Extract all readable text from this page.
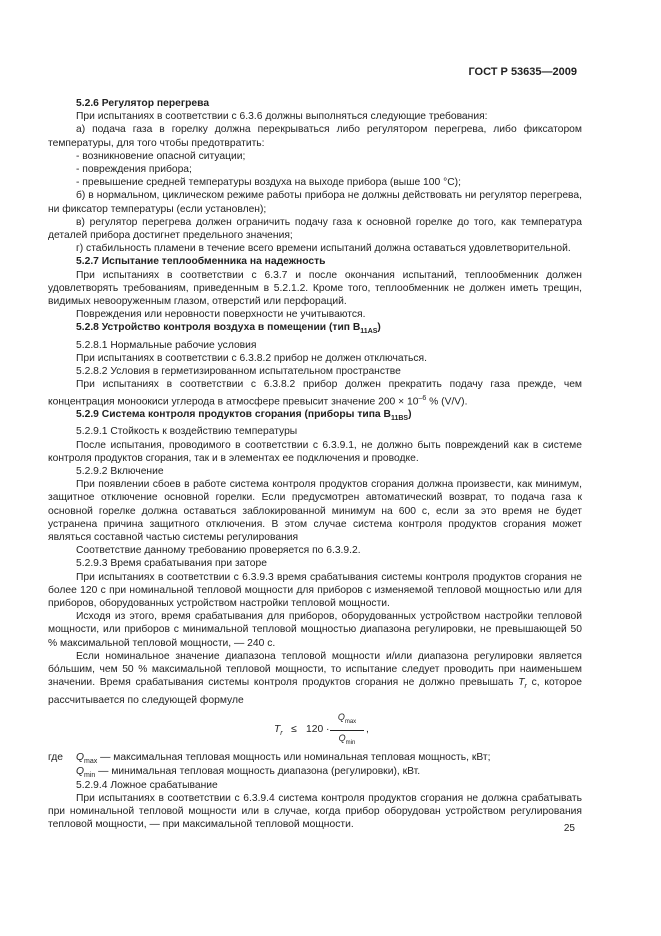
ГОСТ Р 53635—2009

5.2.6 Регулятор перегрева

При испытаниях в соответствии с 6.3.6 должны выполняться следующие требования:

а) подача газа в горелку должна перекрываться либо регулятором перегрева, либо фиксатором температуры, для того чтобы предотвратить:

- возникновение опасной ситуации;

- повреждения прибора;

- превышение средней температуры воздуха на выходе прибора (выше 100 °C);

б) в нормальном, циклическом режиме работы прибора не должны действовать ни регулятор перегрева, ни фиксатор температуры (если установлен);

в) регулятор перегрева должен ограничить подачу газа к основной горелке до того, как температура деталей прибора достигнет предельного значения;

г) стабильность пламени в течение всего времени испытаний должна оставаться удовлетворительной.

5.2.7 Испытание теплообменника на надежность

При испытаниях в соответствии с 6.3.7 и после окончания испытаний, теплообменник должен удовлетворять требованиям, приведенным в 5.2.1.2. Кроме того, теплообменник не должен иметь трещин, видимых невооруженным глазом, отверстий или перфораций.

Повреждения или неровности поверхности не учитываются.

5.2.8 Устройство контроля воздуха в помещении (тип $B_{11AS}$)

5.2.8.1 Нормальные рабочие условия

При испытаниях в соответствии с 6.3.8.2 прибор не должен отключаться.

5.2.8.2 Условия в герметизированном испытательном пространстве

При испытаниях в соответствии с 6.3.8.2 прибор должен прекратить подачу газа прежде, чем концентрация моноокиси углерода в атмосфере превысит значение $200 \times 10^{-6}$ % (V/V).

5.2.9 Система контроля продуктов сгорания (приборы типа $B_{11BS}$)

5.2.9.1 Стойкость к воздействию температуры

После испытания, проводимого в соответствии с 6.3.9.1, не должно быть повреждений как в системе контроля продуктов сгорания, так и в элементах ее подключения и проводке.

5.2.9.2 Включение

При появлении сбоев в работе система контроля продуктов сгорания должна произвести, как минимум, защитное отключение основной горелки. Если предусмотрен автоматический возврат, то подача газа к основной горелке должна оставаться заблокированной минимум на 600 с, если за это время не будет устранена причина защитного отключения. В этом случае система контроля продуктов сгорания может являться составной частью системы регулирования

Соответствие данному требованию проверяется по 6.3.9.2.

5.2.9.3 Время срабатывания при заторе

При испытаниях в соответствии с 6.3.9.3 время срабатывания системы контроля продуктов сгорания не более 120 с при номинальной тепловой мощности для приборов с изменяемой тепловой мощностью или для приборов, оборудованных устройством настройки тепловой мощности.

Исходя из этого, время срабатывания для приборов, оборудованных устройством настройки тепловой мощности, или приборов с минимальной тепловой мощностью диапазона регулировки, не превышающей 50 % максимальной тепловой мощности, — 240 с.

Если номинальное значение диапазона тепловой мощности и/или диапазона регулировки является бо́льшим, чем 50 % максимальной тепловой мощности, то испытание следует проводить при наименьшем значении. Время срабатывания системы контроля продуктов сгорания не должно превышать $T_r$ с, которое рассчитывается по следующей формуле

$T_r \le 120$ ·
$Q_{max}$
$Q_{min}$
,
где $Q_{max}$ — максимальная тепловая мощность или номинальная тепловая мощность, кВт;
$Q_{min}$ — минимальная тепловая мощность диапазона (регулировки), кВт.

5.2.9.4 Ложное срабатывание

При испытаниях в соответствии с 6.3.9.4 система контроля продуктов сгорания не должна срабатывать при номинальной тепловой мощности или в случае, когда прибор оборудован устройством регулирования тепловой мощности, — при максимальной тепловой мощности.	25
